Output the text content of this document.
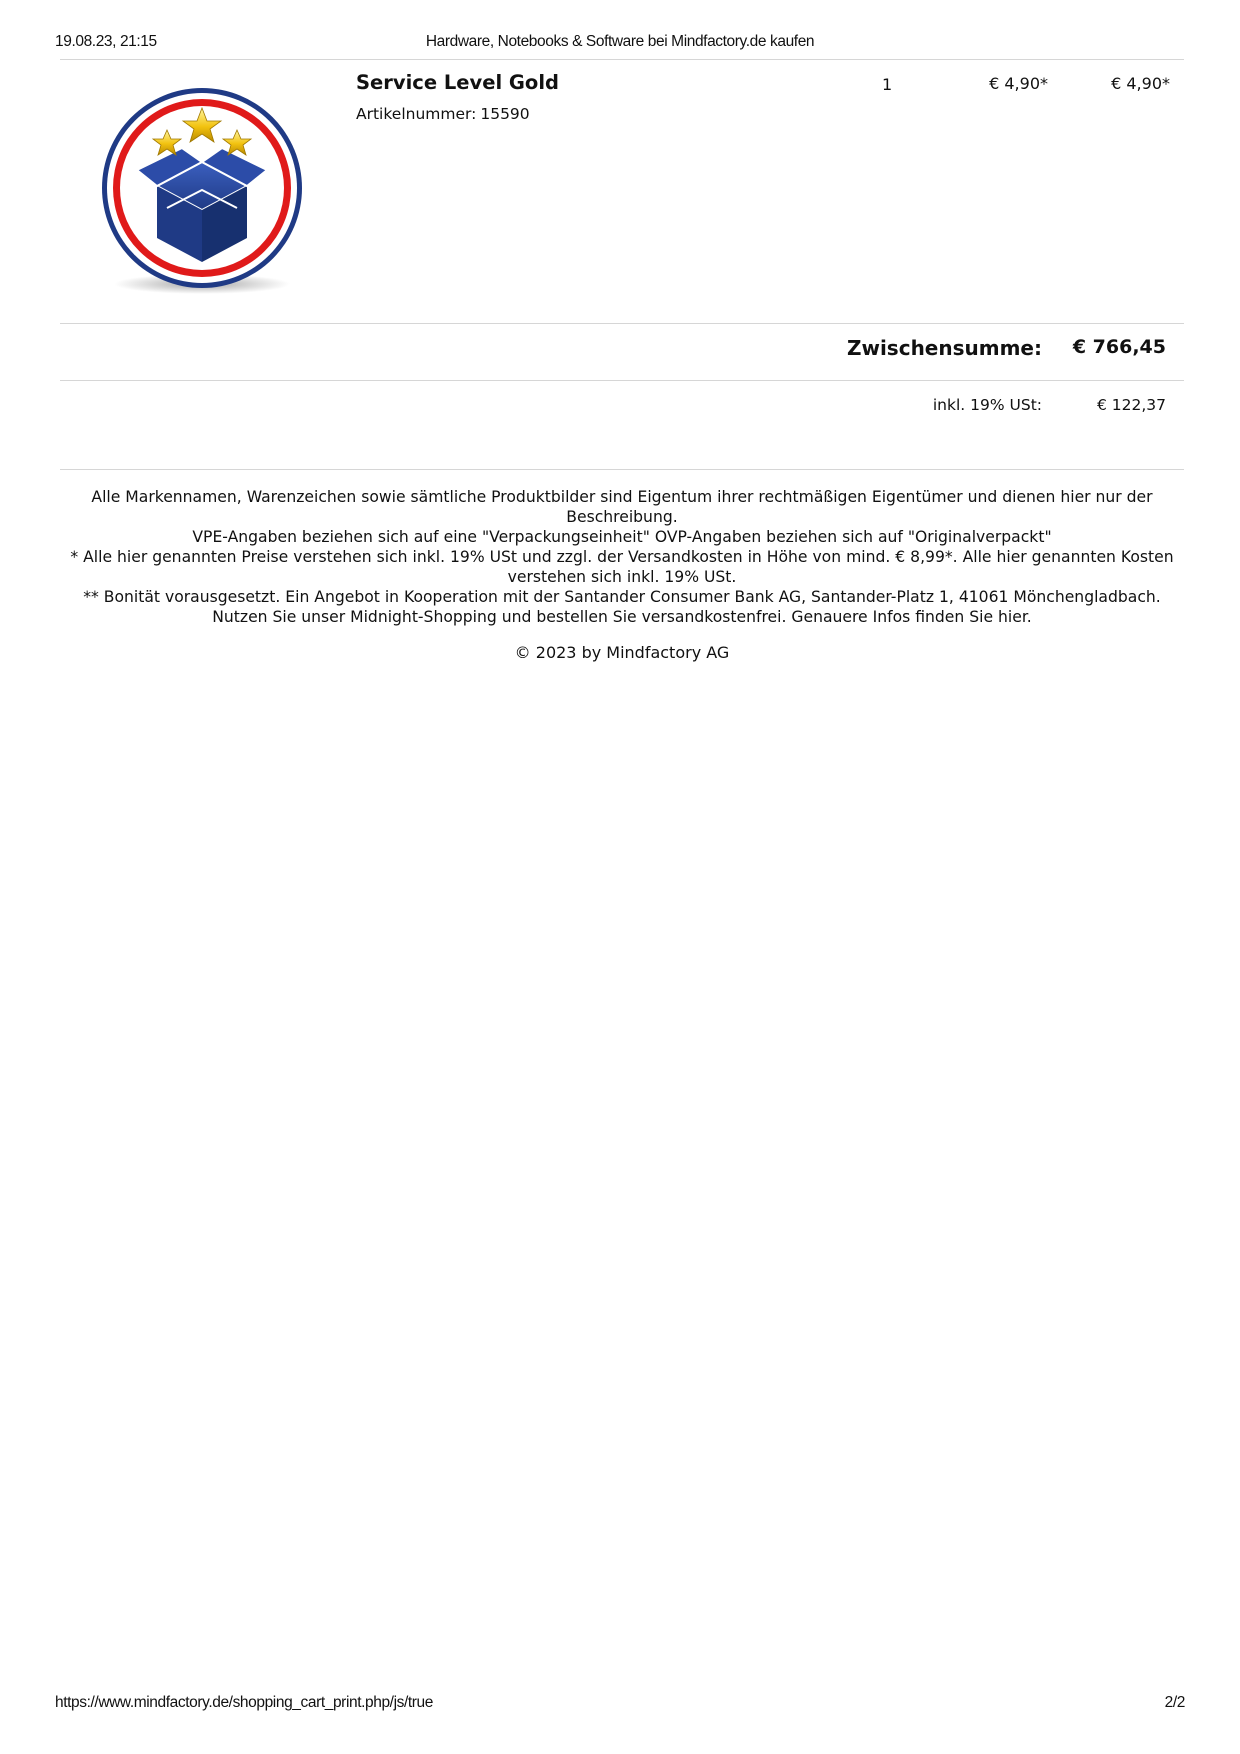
19.08.23, 21:15	Hardware, Notebooks & Software bei Mindfactory.de kaufen
Service Level Gold
Artikelnummer: 15590
1	€ 4,90*	€ 4,90*
Zwischensumme: € 766,45
inkl. 19% USt:	€ 122,37

Alle Markennamen, Warenzeichen sowie sämtliche Produktbilder sind Eigentum ihrer rechtmäßigen Eigentümer und dienen hier nur der Beschreibung.

VPE-Angaben beziehen sich auf eine "Verpackungseinheit" OVP-Angaben beziehen sich auf "Originalverpackt"

* Alle hier genannten Preise verstehen sich inkl. 19% USt und zzgl. der Versandkosten in Höhe von mind. € 8,99*. Alle hier genannten Kosten verstehen sich inkl. 19% USt.

** Bonität vorausgesetzt. Ein Angebot in Kooperation mit der Santander Consumer Bank AG, Santander-Platz 1, 41061 Mönchengladbach.

Nutzen Sie unser Midnight-Shopping und bestellen Sie versandkostenfrei. Genauere Infos finden Sie hier.

© 2023 by Mindfactory AG
https://www.mindfactory.de/shopping_cart_print.php/js/true	2/2
